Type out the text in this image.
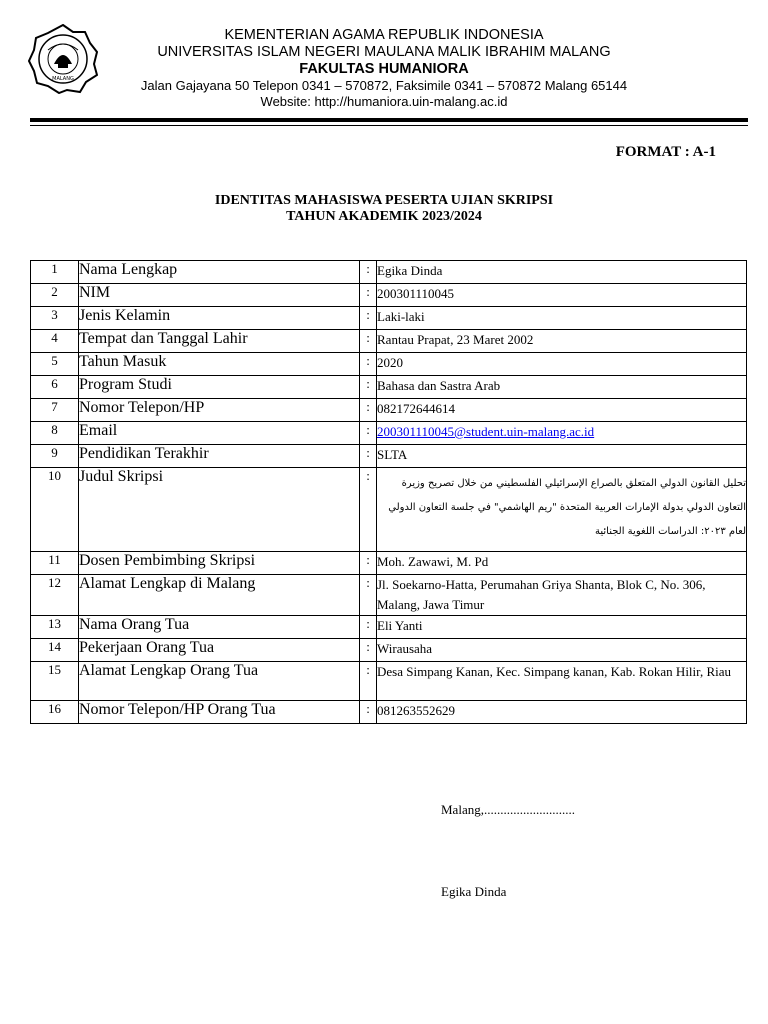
MALANG
KEMENTERIAN AGAMA REPUBLIK INDONESIA
UNIVERSITAS ISLAM NEGERI MAULANA MALIK IBRAHIM MALANG
FAKULTAS HUMANIORA
Jalan Gajayana 50 Telepon 0341 – 570872, Faksimile 0341 – 570872 Malang 65144
Website: http://humaniora.uin-malang.ac.id
FORMAT : A-1
IDENTITAS MAHASISWA PESERTA UJIAN SKRIPSI
TAHUN AKADEMIK 2023/2024
1	Nama Lengkap	:	Egika Dinda
2	NIM	:	200301110045
3	Jenis Kelamin	:	Laki-laki
4	Tempat dan Tanggal Lahir	:	Rantau Prapat, 23 Maret 2002
5	Tahun Masuk	:	2020
6	Program Studi	:	Bahasa dan Sastra Arab
7	Nomor Telepon/HP	:	082172644614
8	Email	:	200301110045@student.uin-malang.ac.id
9	Pendidikan Terakhir	:	SLTA
10	Judul Skripsi	:	تحليل القانون الدولي المتعلق بالصراع الإسرائيلي الفلسطيني من خلال تصريح وزيرة التعاون الدولي بدولة الإمارات العربية المتحدة "ريم الهاشمي" في جلسة التعاون الدولي لعام ٢٠٢٣: الدراسات اللغوية الجنائية

11	Dosen Pembimbing Skripsi	:	Moh. Zawawi, M. Pd
12	Alamat Lengkap di Malang	:	Jl. Soekarno-Hatta, Perumahan Griya Shanta, Blok C, No. 306, Malang, Jawa Timur
13	Nama Orang Tua	:	Eli Yanti
14	Pekerjaan Orang Tua	:	Wirausaha
15	Alamat Lengkap Orang Tua	:	Desa Simpang Kanan, Kec. Simpang kanan, Kab. Rokan Hilir, Riau
16	Nomor Telepon/HP Orang Tua	:	081263552629
Malang,............................
Egika Dinda
